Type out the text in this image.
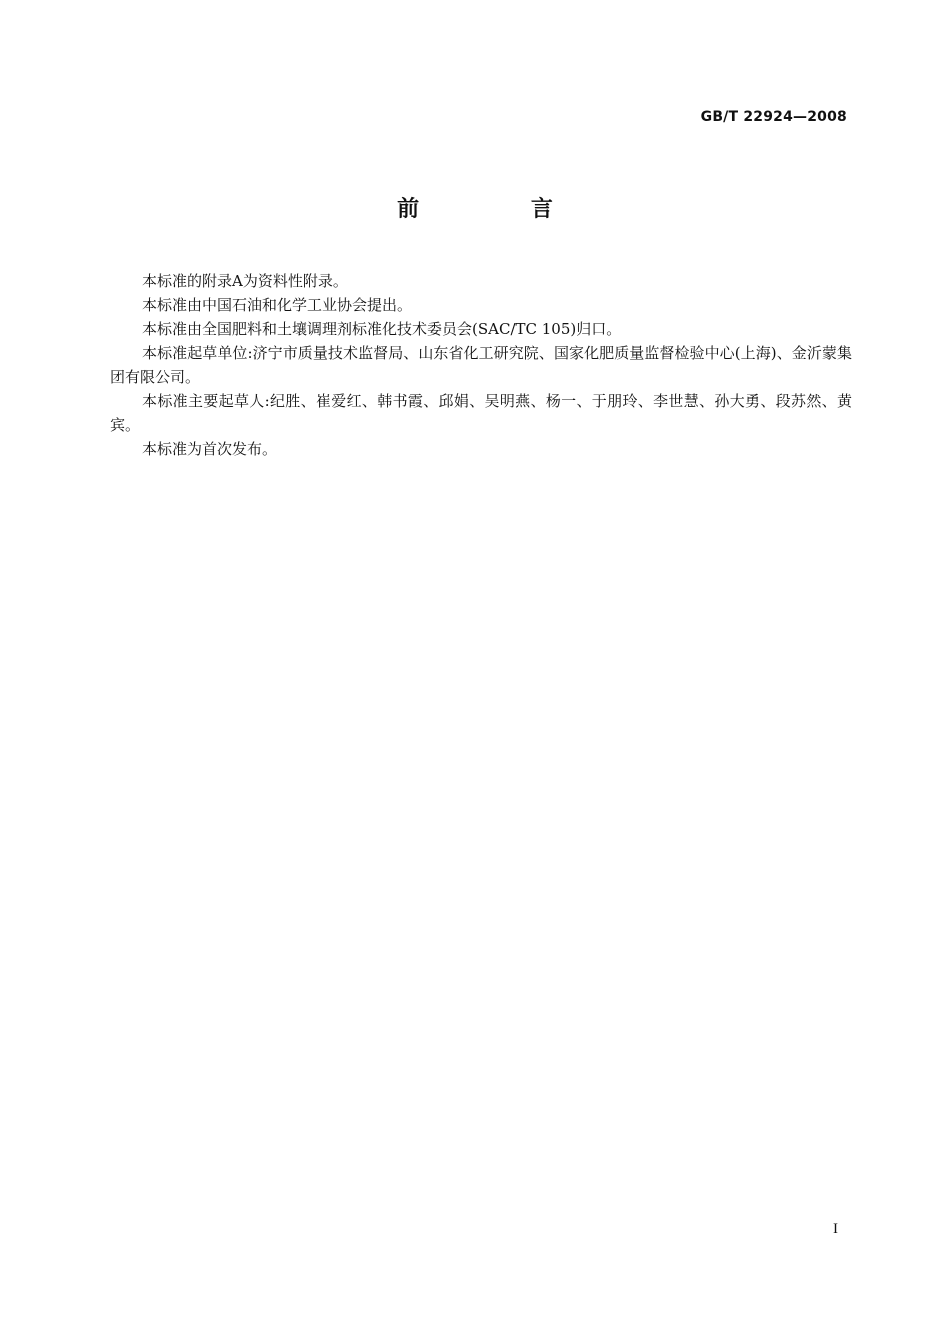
GB/T 22924—2008
前 言

本标准的附录A为资料性附录。

本标准由中国石油和化学工业协会提出。

本标准由全国肥料和土壤调理剂标准化技术委员会(SAC/TC 105)归口。

本标准起草单位:济宁市质量技术监督局、山东省化工研究院、国家化肥质量监督检验中心(上海)、金沂蒙集团有限公司。

本标准主要起草人:纪胜、崔爱红、韩书霞、邱娟、吴明燕、杨一、于朋玲、李世慧、孙大勇、段苏然、黄宾。

本标准为首次发布。

I
